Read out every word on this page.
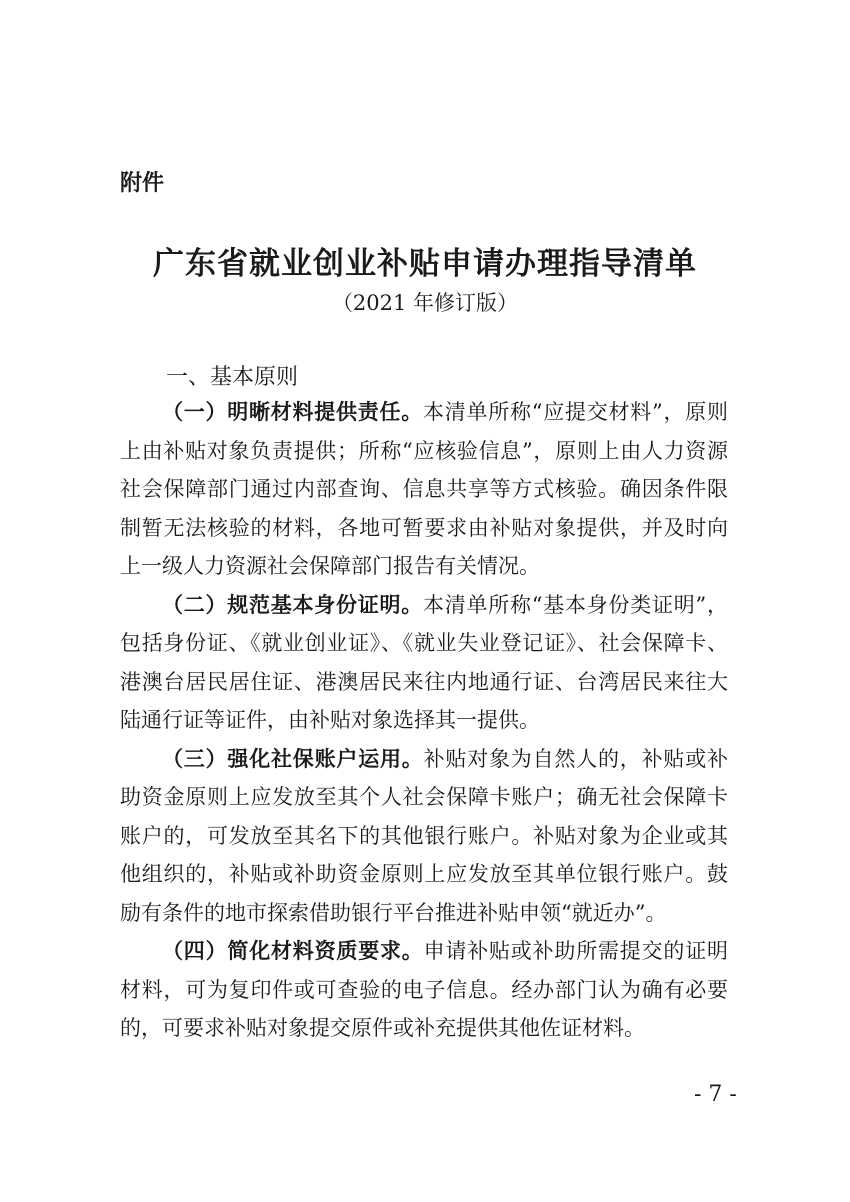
附件
广东省就业创业补贴申请办理指导清单
（2021 年修订版）
一、基本原则

（一）明晰材料提供责任。本清单所称“应提交材料”，原则上由补贴对象负责提供；所称“应核验信息”，原则上由人力资源社会保障部门通过内部查询、信息共享等方式核验。确因条件限制暂无法核验的材料，各地可暂要求由补贴对象提供，并及时向上一级人力资源社会保障部门报告有关情况。

（二）规范基本身份证明。本清单所称“基本身份类证明”，包括身份证、《就业创业证》、《就业失业登记证》、社会保障卡、港澳台居民居住证、港澳居民来往内地通行证、台湾居民来往大陆通行证等证件，由补贴对象选择其一提供。

（三）强化社保账户运用。补贴对象为自然人的，补贴或补助资金原则上应发放至其个人社会保障卡账户；确无社会保障卡账户的，可发放至其名下的其他银行账户。补贴对象为企业或其他组织的，补贴或补助资金原则上应发放至其单位银行账户。鼓励有条件的地市探索借助银行平台推进补贴申领“就近办”。

（四）简化材料资质要求。申请补贴或补助所需提交的证明材料，可为复印件或可查验的电子信息。经办部门认为确有必要的，可要求补贴对象提交原件或补充提供其他佐证材料。

- 7 -
